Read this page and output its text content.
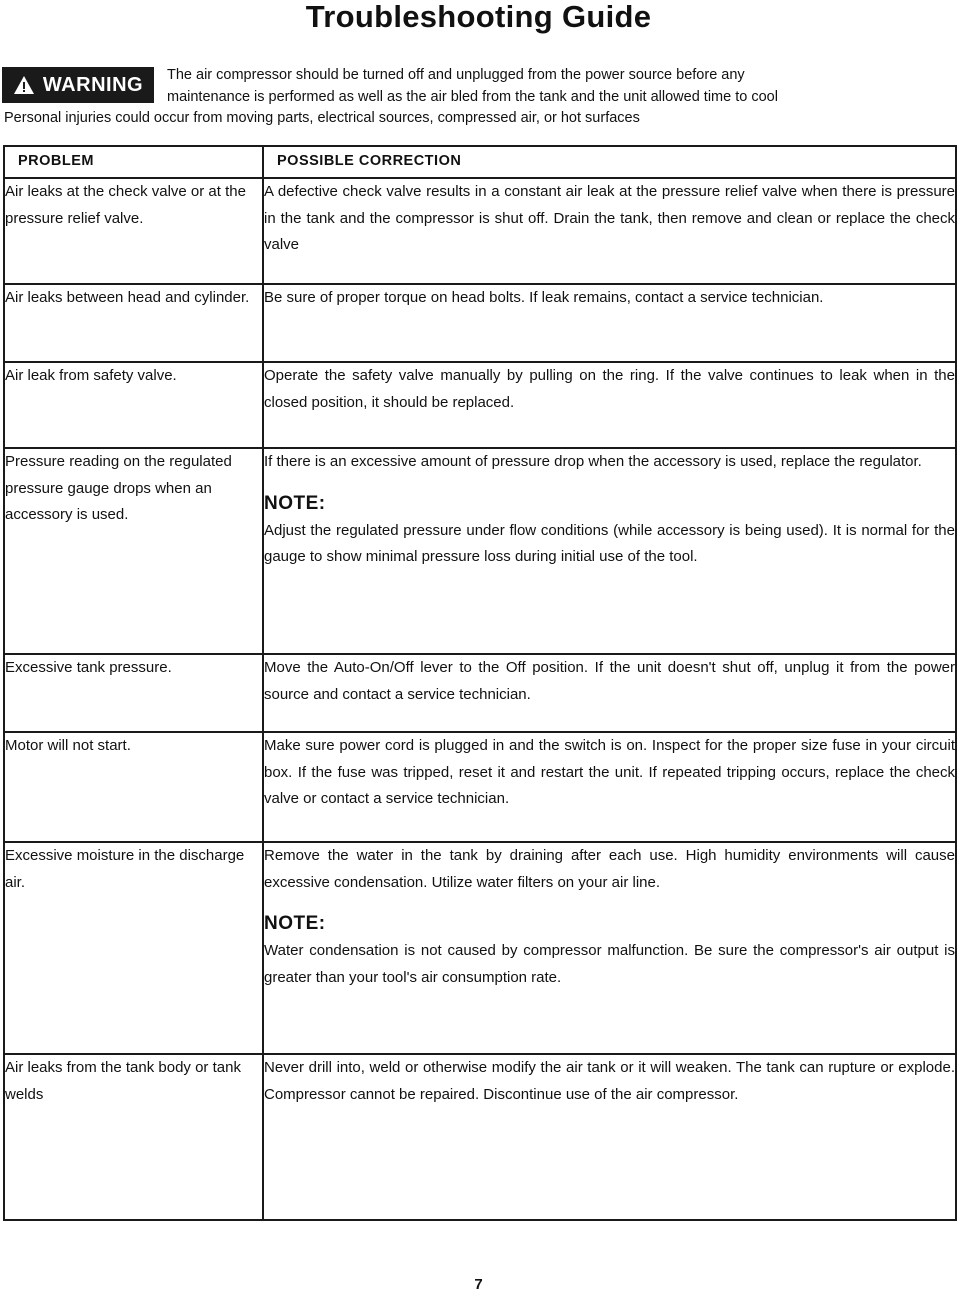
Troubleshooting Guide
WARNING The air compressor should be turned off and unplugged from the power source before any
maintenance is performed as well as the air bled from the tank and the unit allowed time to cool
Personal injuries could occur from moving parts, electrical sources, compressed air, or hot surfaces
PROBLEM	POSSIBLE CORRECTION

Air leaks at the check valve or at the pressure relief valve.	A defective check valve results in a constant air leak at the pressure relief valve when there is pressure in the tank and the compressor is shut off. Drain the tank, then remove and clean or replace the check valve

Air leaks between head and cylinder.	Be sure of proper torque on head bolts. If leak remains, contact a service technician.

Air leak from safety valve.	Operate the safety valve manually by pulling on the ring. If the valve continues to leak when in the closed position, it should be replaced.

Pressure reading on the regulated pressure gauge drops when an accessory is used.	If there is an excessive amount of pressure drop when the accessory is used, replace the regulator.
NOTE:
Adjust the regulated pressure under flow conditions (while accessory is being used). It is normal for the gauge to show minimal pressure loss during initial use of the tool.

Excessive tank pressure.	Move the Auto-On/Off lever to the Off position. If the unit doesn't shut off, unplug it from the power source and contact a service technician.

Motor will not start.	Make sure power cord is plugged in and the switch is on. Inspect for the proper size fuse in your circuit box. If the fuse was tripped, reset it and restart the unit. If repeated tripping occurs, replace the check valve or contact a service technician.

Excessive moisture in the discharge air.	Remove the water in the tank by draining after each use. High humidity environments will cause excessive condensation. Utilize water filters on your air line.
NOTE:
Water condensation is not caused by compressor malfunction. Be sure the compressor's air output is greater than your tool's air consumption rate.

Air leaks from the tank body or tank welds	Never drill into, weld or otherwise modify the air tank or it will weaken. The tank can rupture or explode. Compressor cannot be repaired. Discontinue use of the air compressor.
7
